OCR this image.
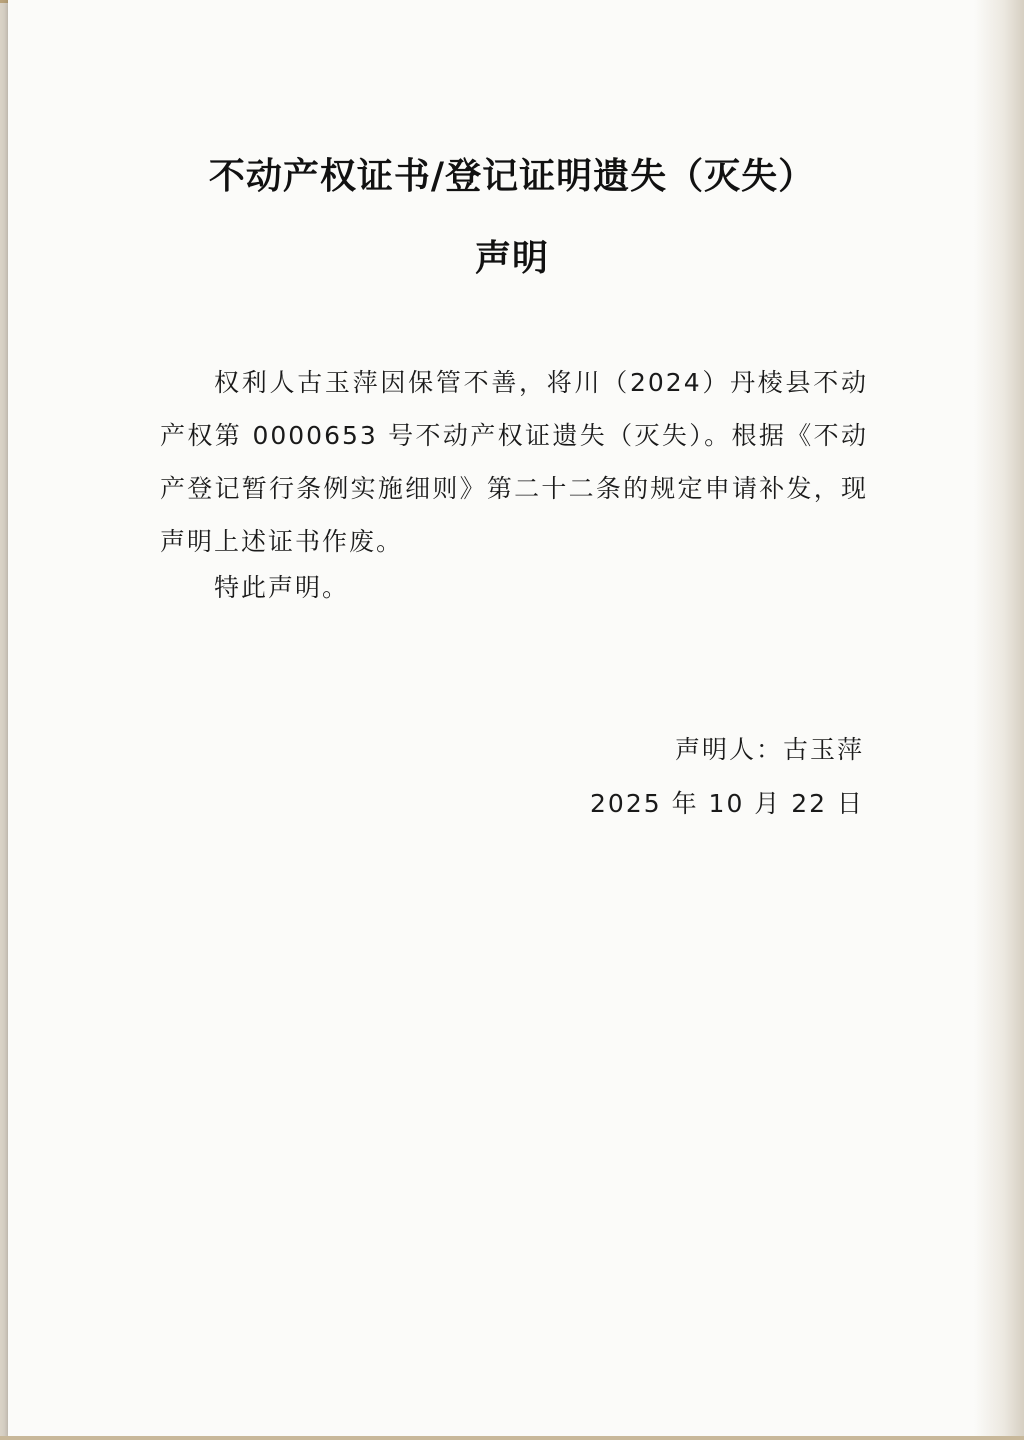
不动产权证书/登记证明遗失（灭失）
声明

权利人古玉萍因保管不善，将川（2024）丹棱县不动产权第 0000653 号不动产权证遗失（灭失）。根据《不动产登记暂行条例实施细则》第二十二条的规定申请补发，现声明上述证书作废。

特此声明。
声明人：古玉萍
2025 年 10 月 22 日
